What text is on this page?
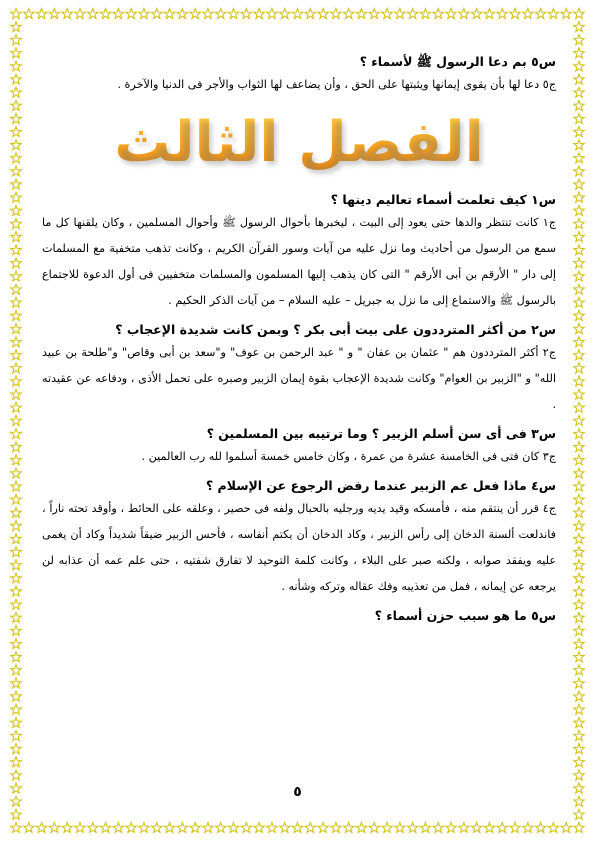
س٥ بم دعا الرسول ﷺ لأسماء ؟

ج٥ دعا لها بأن يقوى إيمانها ويثبتها على الحق ، وأن يضاعف لها الثواب والأجر فى الدنيا والآخرة .

الفصل الثالث

س١ كيف تعلمت أسماء تعاليم دينها ؟

ج١ كانت تنتظر والدها حتى يعود إلى البيت ، ليخبرها بأحوال الرسول ﷺ وأحوال المسلمين ، وكان يلقنها كل ما سمع من الرسول من أحاديث وما نزل عليه من آيات وسور القرآن الكريم ، وكانت تذهب متخفية مع المسلمات إلى دار " الأرقم بن أبى الأرقم " التى كان يذهب إليها المسلمون والمسلمات متخفيين فى أول الدعوة للاجتماع بالرسول ﷺ والاستماع إلى ما نزل به جبريل – عليه السلام – من آيات الذكر الحكيم .

س٢ من أكثر المترددون على بيت أبى بكر ؟ وبمن كانت شديدة الإعجاب ؟

ج٢ أكثر المترددون هم " عثمان بن عفان " و " عبد الرحمن بن عوف" و"سعد بن أبى وقاص" و"طلحة بن عبيد الله" و "الزبير بن العوام" وكانت شديدة الإعجاب بقوة إيمان الزبير وصبره على تحمل الأذى ، ودفاعه عن عقيدته .

س٣ فى أى سن أسلم الزبير ؟ وما ترتيبه بين المسلمين ؟

ج٣ كان فتى فى الخامسة عشرة من عمرة ، وكان خامس خمسة أسلموا لله رب العالمين .

س٤ ماذا فعل عم الزبير عندما رفض الرجوع عن الإسلام ؟

ج٤ قرر أن ينتقم منه ، فأمسكه وقيد يديه ورجليه بالحبال ولفه فى حصير ، وعلقه على الحائط ، وأوقد تحته ناراً ، فاندلعت ألسنة الدخان إلى رأس الزبير ، وكاد الدخان أن يكتم أنفاسه ، فأحس الزبير ضيقاً شديداً وكاد أن يغمى عليه ويفقد صوابه ، ولكنه صبر على البلاء ، وكانت كلمة التوحيد لا تفارق شفتيه ، حتى علم عمه أن عذابه لن يرجعه عن إيمانه ، فمل من تعذيبه وفك عقاله وتركه وشأنه .

س٥ ما هو سبب حزن أسماء ؟

٥
